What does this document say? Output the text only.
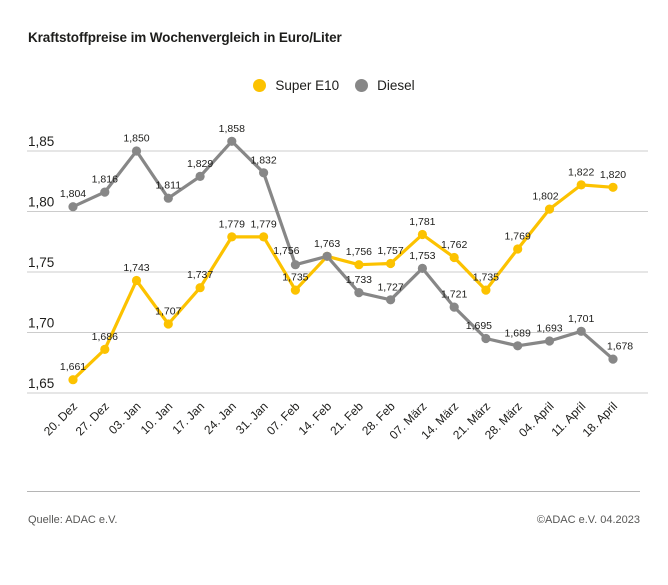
Kraftstoffpreise im Wochenvergleich in Euro/Liter
Super E10	Diesel
1,85
1,80
1,75
1,70
1,65
1,661
1,686
1,743
1,707
1,737
1,779 1,779
1,735
1,756 1,757
1,781
1,762
1,735
1,769
1,802
1,822 1,820
1,804
1,816
1,850
1,811
1,829
1,858
1,832
1,756
1,763
1,733
1,727
1,753
1,721
1,695
1,689 1,693
1,701
1,678
20. Dez
27. Dez
03. Jan
10. Jan
17. Jan
24. Jan
31. Jan
07. Feb
14. Feb
21. Feb
28. Feb
07. März
14. März
21. März
28. März
04. April
11. April
18. April
Quelle: ADAC e.V.	©ADAC e.V. 04.2023
